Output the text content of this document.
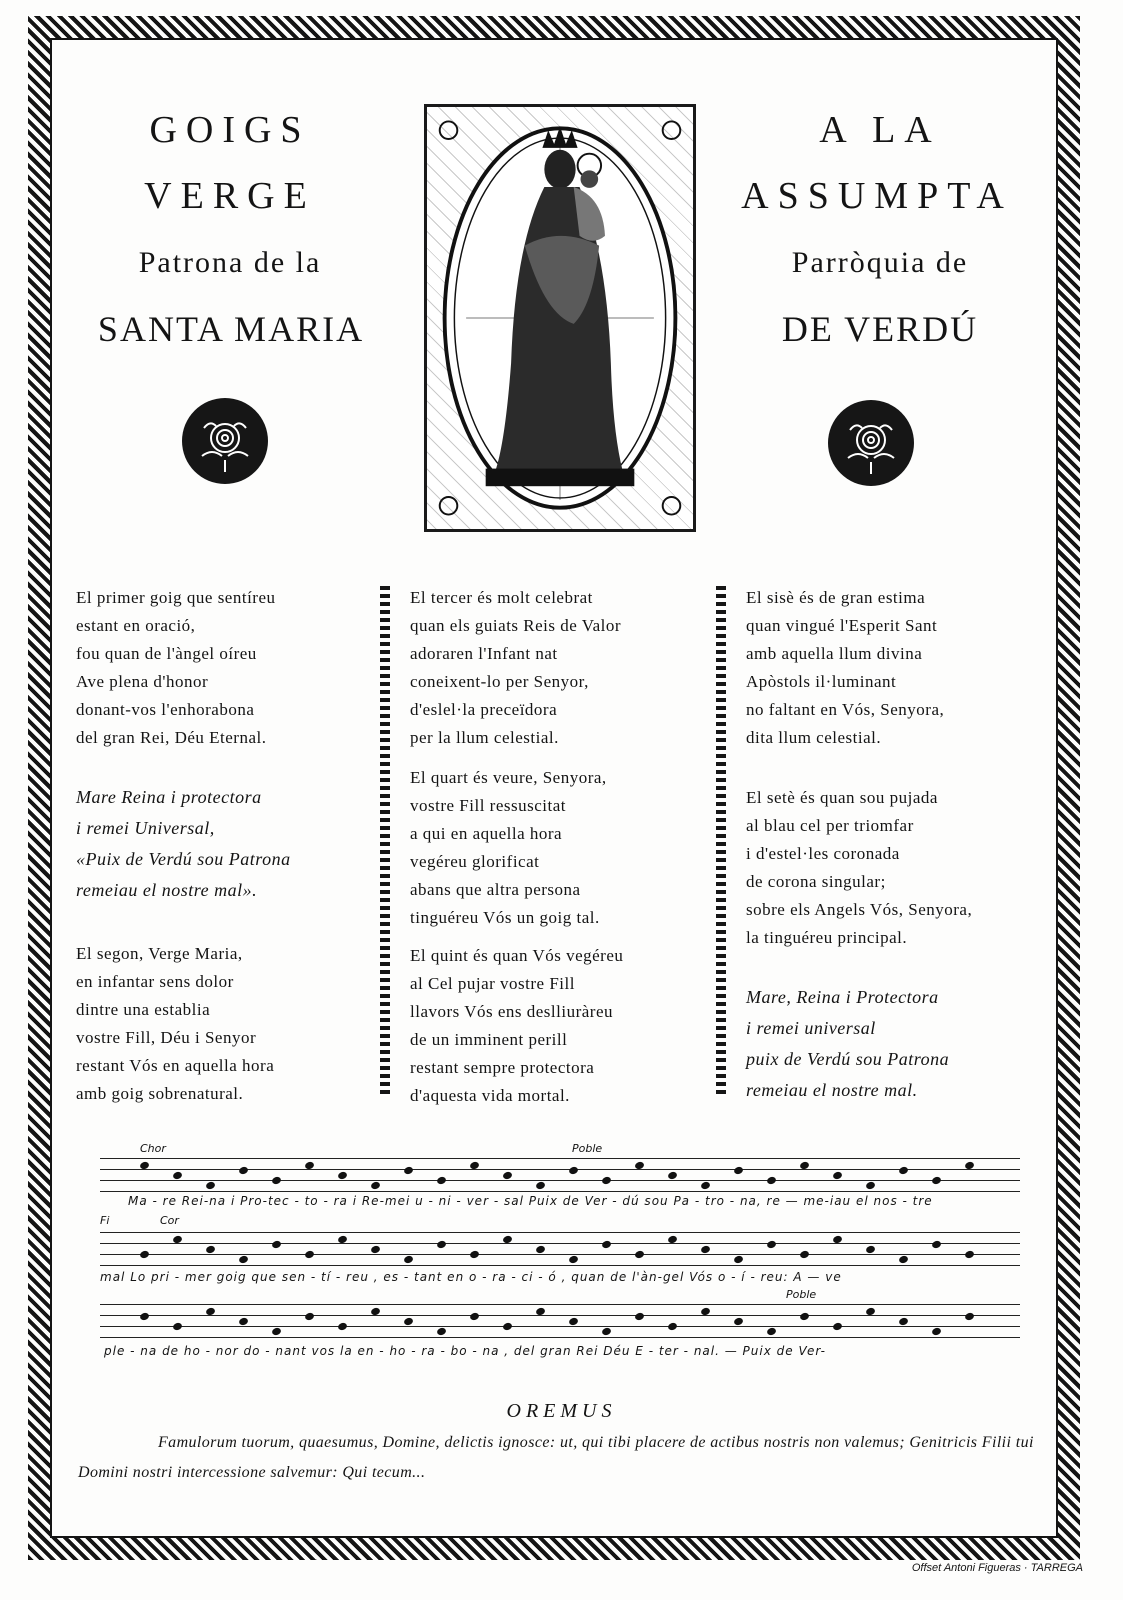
GOIGS	A LA
VERGE	ASSUMPTA
Patrona de la	Parròquia de
SANTA MARIA	DE VERDÚ
El primer goig que sentíreu
estant en oració,
fou quan de l'àngel oíreu
Ave plena d'honor
donant-vos l'enhorabona
del gran Rei, Déu Eternal.
Mare Reina i protectora
i remei Universal,
«Puix de Verdú sou Patrona
remeiau el nostre mal».
El segon, Verge Maria,
en infantar sens dolor
dintre una establia
vostre Fill, Déu i Senyor
restant Vós en aquella hora
amb goig sobrenatural.
El tercer és molt celebrat
quan els guiats Reis de Valor
adoraren l'Infant nat
coneixent-lo per Senyor,
d'eslel·la preceïdora
per la llum celestial.
El quart és veure, Senyora,
vostre Fill ressuscitat
a qui en aquella hora
vegéreu glorificat
abans que altra persona
tinguéreu Vós un goig tal.
El quint és quan Vós vegéreu
al Cel pujar vostre Fill
llavors Vós ens deslliuràreu
de un imminent perill
restant sempre protectora
d'aquesta vida mortal.
El sisè és de gran estima
quan vingué l'Esperit Sant
amb aquella llum divina
Apòstols il·luminant
no faltant en Vós, Senyora,
dita llum celestial.
El setè és quan sou pujada
al blau cel per triomfar
i d'estel·les coronada
de corona singular;
sobre els Angels Vós, Senyora,
la tinguéreu principal.
Mare, Reina i Protectora
i remei universal
puix de Verdú sou Patrona
remeiau el nostre mal.
Chor	Poble
Ma - re Rei-na i Pro-tec - to - ra i Re-mei u - ni - ver - sal Puix de Ver - dú sou Pa - tro - na, re — me-iau el nos - tre
Fi	Cor
mal Lo pri - mer goig que sen - tí - reu , es - tant en o - ra - ci - ó , quan de l'àn-gel Vós o - í - reu: A — ve
Poble
ple - na de ho - nor do - nant vos la en - ho - ra - bo - na , del gran Rei Déu E - ter - nal. — Puix de Ver-
OREMUS
Famulorum tuorum, quaesumus, Domine, delictis ignosce: ut, qui tibi placere de actibus nostris non valemus; Genitricis Filii tui Domini nostri intercessione salvemur: Qui tecum...
Offset Antoni Figueras · TARREGA
